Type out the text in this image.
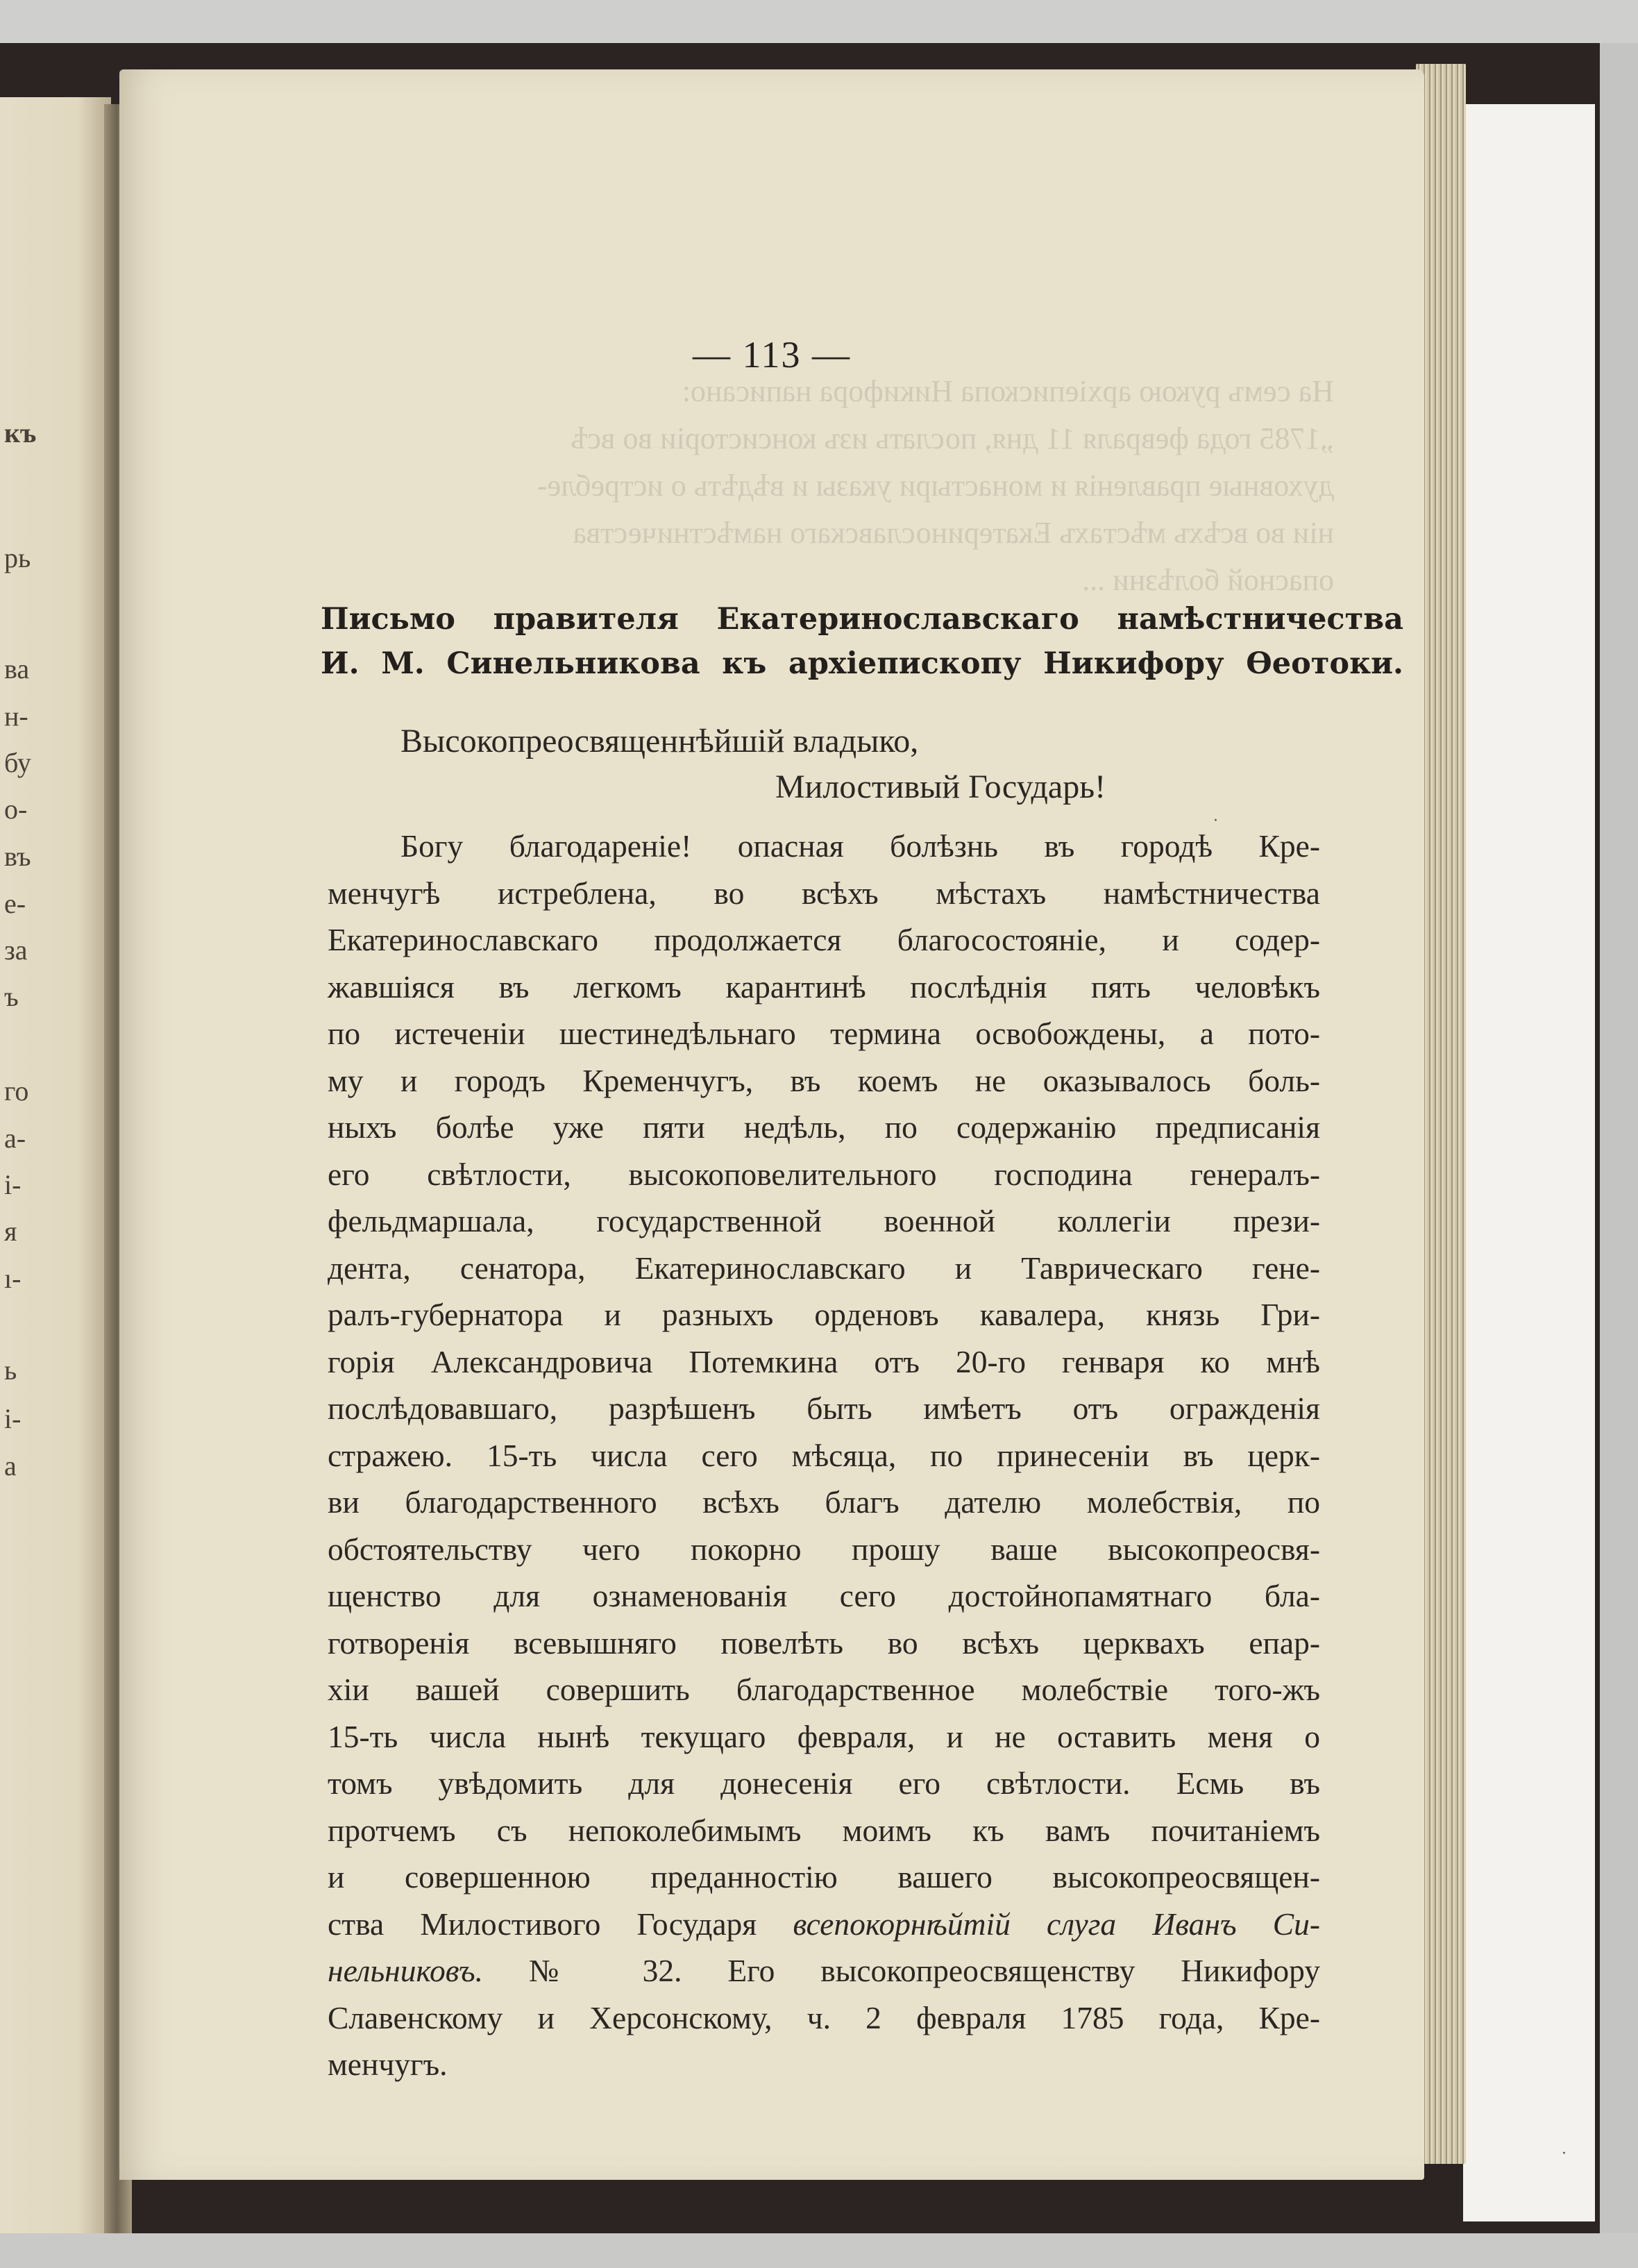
къ
рь
ва
н-
бу
о-
въ
е-
за
ъ
го
а-
і-
я
ı-
ь
і-
а
На семъ рукою архіепископа Никифора написано:
„1785 года февраля 11 дня, послать изъ консисторіи во всѣ
духовные правленія и монастыри указы и вѣдѣть о истребле-
ніи во всѣхъ мѣстахъ Екатеринославскаго намѣстничества
опасной болѣзни ...
— 113 —
Письмо правителя Екатеринославскаго намѣстничества
И. М. Синельникова къ архіепископу Никифору Ѳеотоки.
Высокопреосвященнѣйшій владыко,
Милостивый Государь!
Богу благодареніе! опасная болѣзнь въ городѣ Кре-
менчугѣ истреблена, во всѣхъ мѣстахъ намѣстничества
Екатеринославскаго продолжается благосостояніе, и содер-
жавшіяся въ легкомъ карантинѣ послѣднія пять человѣкъ
по истеченіи шестинедѣльнаго термина освобождены, а пото-
му и городъ Кременчугъ, въ коемъ не оказывалось боль-
ныхъ болѣе уже пяти недѣль, по содержанію предписанія
его свѣтлости, высокоповелительного господина генералъ-
фельдмаршала, государственной военной коллегіи прези-
дента, сенатора, Екатеринославскаго и Таврическаго гене-
ралъ-губернатора и разныхъ орденовъ кавалера, князь Гри-
горія Александровича Потемкина отъ 20-го генваря ко мнѣ
послѣдовавшаго, разрѣшенъ быть имѣетъ отъ огражденія
стражею. 15-ть числа сего мѣсяца, по принесеніи въ церк-
ви благодарственного всѣхъ благъ дателю молебствія, по
обстоятельству чего покорно прошу ваше высокопреосвя-
щенство для ознаменованія сего достойнопамятнаго бла-
готворенія всевышняго повелѣть во всѣхъ церквахъ епар-
хіи вашей совершить благодарственное молебствіе того-жъ
15-ть числа нынѣ текущаго февраля, и не оставить меня о
томъ увѣдомить для донесенія его свѣтлости. Есмь въ
протчемъ съ непоколебимымъ моимъ къ вамъ почитаніемъ
и совершенною преданностію вашего высокопреосвящен-
ства Милостивого Государя всепокорнѣйтій слуга Иванъ Си-
нельниковъ. № 32. Его высокопреосвященству Никифору
Славенскому и Херсонскому, ч. 2 февраля 1785 года, Кре-
менчугъ.
·
·
